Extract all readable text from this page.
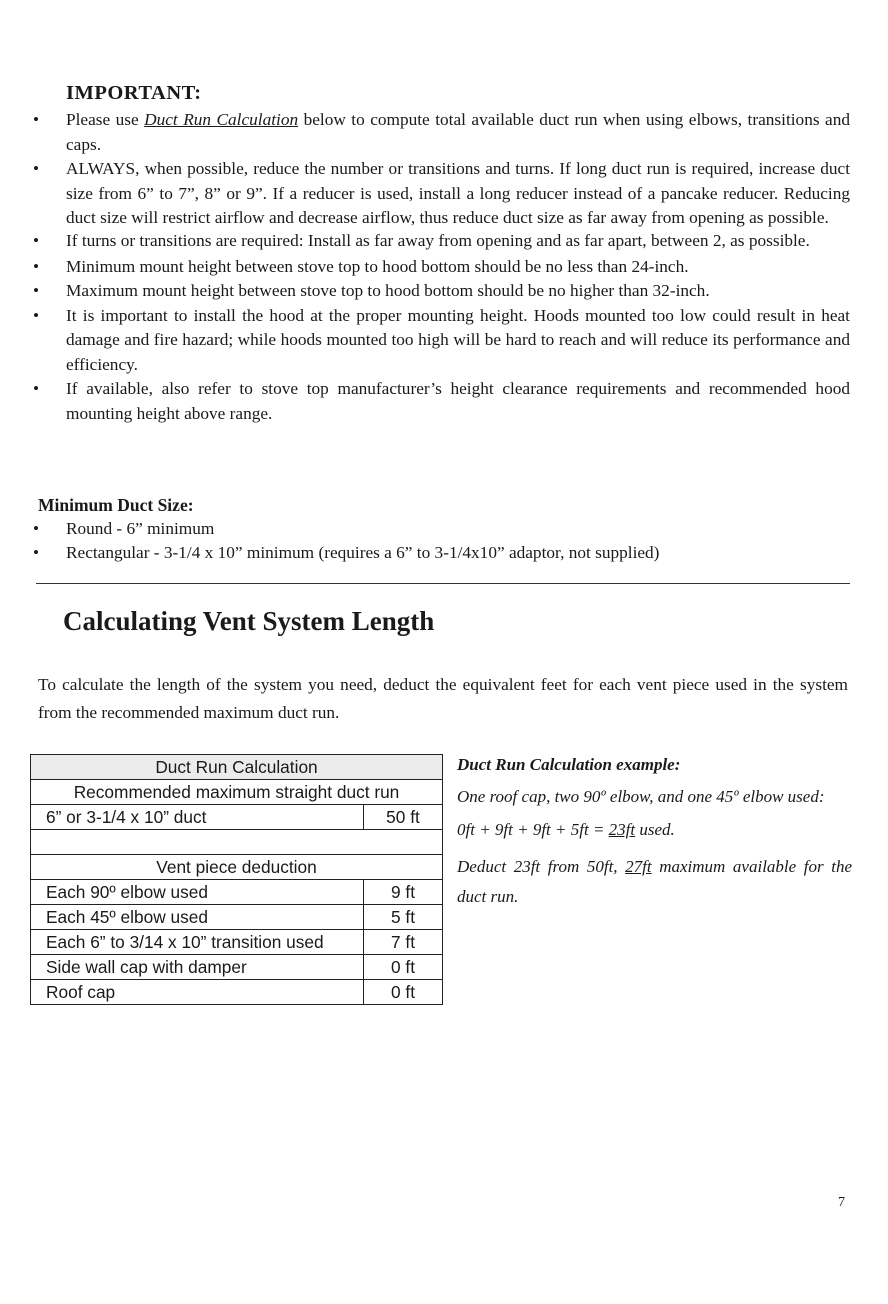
IMPORTANT:
• Please use Duct Run Calculation below to compute total available duct run when using elbows, transitions and caps.
• ALWAYS, when possible, reduce the number or transitions and turns. If long duct run is required, increase duct size from 6” to 7”, 8” or 9”. If a reducer is used, install a long reducer instead of a pancake reducer. Reducing duct size will restrict airflow and decrease airflow, thus reduce duct size as far away from opening as possible.
• If turns or transitions are required: Install as far away from opening and as far apart, between 2, as possible.
• Minimum mount height between stove top to hood bottom should be no less than 24-inch.
• Maximum mount height between stove top to hood bottom should be no higher than 32-inch.
• It is important to install the hood at the proper mounting height. Hoods mounted too low could result in heat damage and fire hazard; while hoods mounted too high will be hard to reach and will reduce its performance and efficiency.
• If available, also refer to stove top manufacturer’s height clearance requirements and recommended hood mounting height above range.
Minimum Duct Size:
• Round - 6” minimum
• Rectangular - 3-1/4 x 10” minimum (requires a 6” to 3-1/4x10” adaptor, not supplied)
Calculating Vent System Length
To calculate the length of the system you need, deduct the equivalent feet for each vent piece used in the system from the recommended maximum duct run.
Duct Run Calculation	
Recommended maximum straight duct run	
6” or 3-1/4 x 10” duct	50 ft

Vent piece deduction	
Each 90º elbow used	9 ft
Each 45º elbow used	5 ft
Each 6” to 3/14 x 10” transition used	7 ft
Side wall cap with damper	0 ft
Roof cap	0 ft
Duct Run Calculation example:

One roof cap, two 90º elbow, and one 45º elbow used:

0ft + 9ft + 9ft + 5ft = 23ft used.

Deduct 23ft from 50ft, 27ft maximum available for the duct run.

7
